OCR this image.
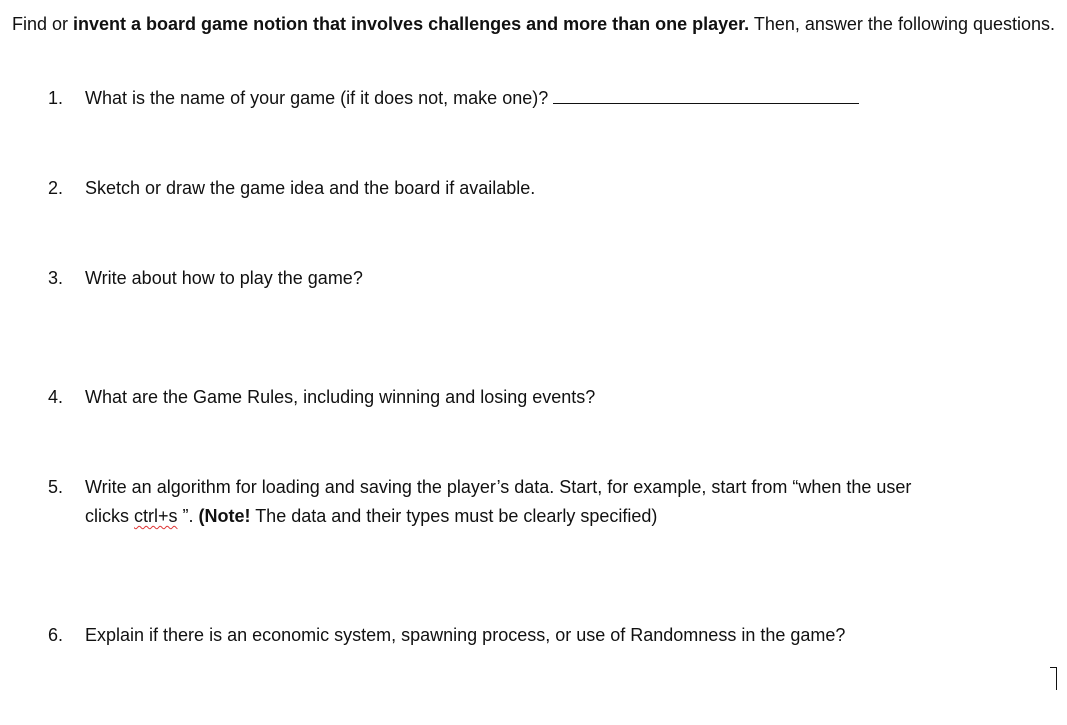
Find or invent a board game notion that involves challenges and more than one player. Then, answer the following questions.

1. What is the name of your game (if it does not, make one)?
2. Sketch or draw the game idea and the board if available.
3. Write about how to play the game?
4. What are the Game Rules, including winning and losing events?
5. Write an algorithm for loading and saving the player’s data. Start, for example, start from “when the user
clicks ctrl+s ”. (Note! The data and their types must be clearly specified)
6. Explain if there is an economic system, spawning process, or use of Randomness in the game?
